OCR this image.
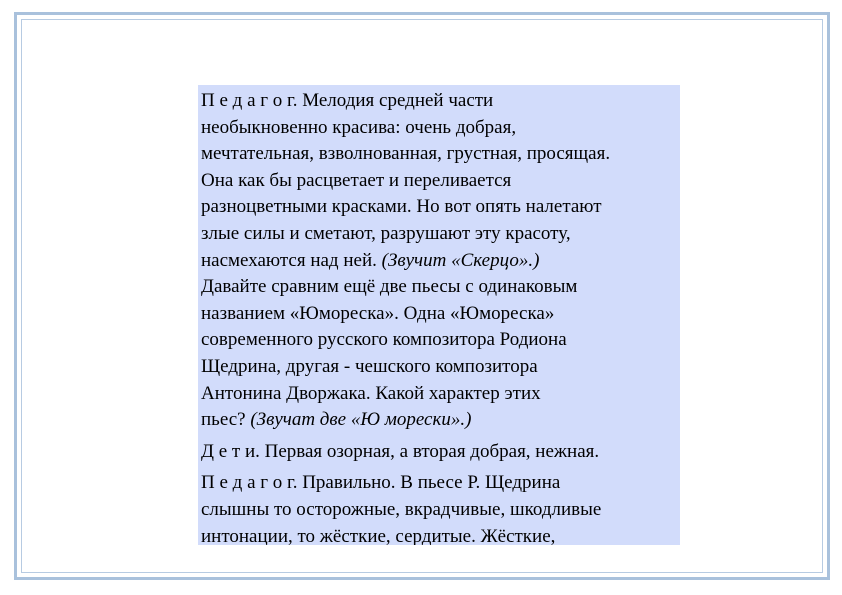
П е д а г о г. Мелодия средней части
необыкновенно красива: очень добрая,
мечтательная, взволнованная, грустная, просящая.
Она как бы расцветает и переливается
разноцветными красками. Но вот опять налетают
злые силы и сметают, разрушают эту красоту,
насмехаются над ней. (Звучит «Скерцо».)
Давайте сравним ещё две пьесы с одинаковым
названием «Юмореска». Одна «Юмореска»
современного русского композитора Родиона
Щедрина, другая - чешского композитора
Антонина Дворжака. Какой характер этих
пьес? (Звучат две «Ю морески».)

Д е т и. Первая озорная, а вторая добрая, нежная.

П е д а г о г. Правильно. В пьесе Р. Щедрина
слышны то осторожные, вкрадчивые, шкодливые
интонации, то жёсткие, сердитые. Жёсткие,
